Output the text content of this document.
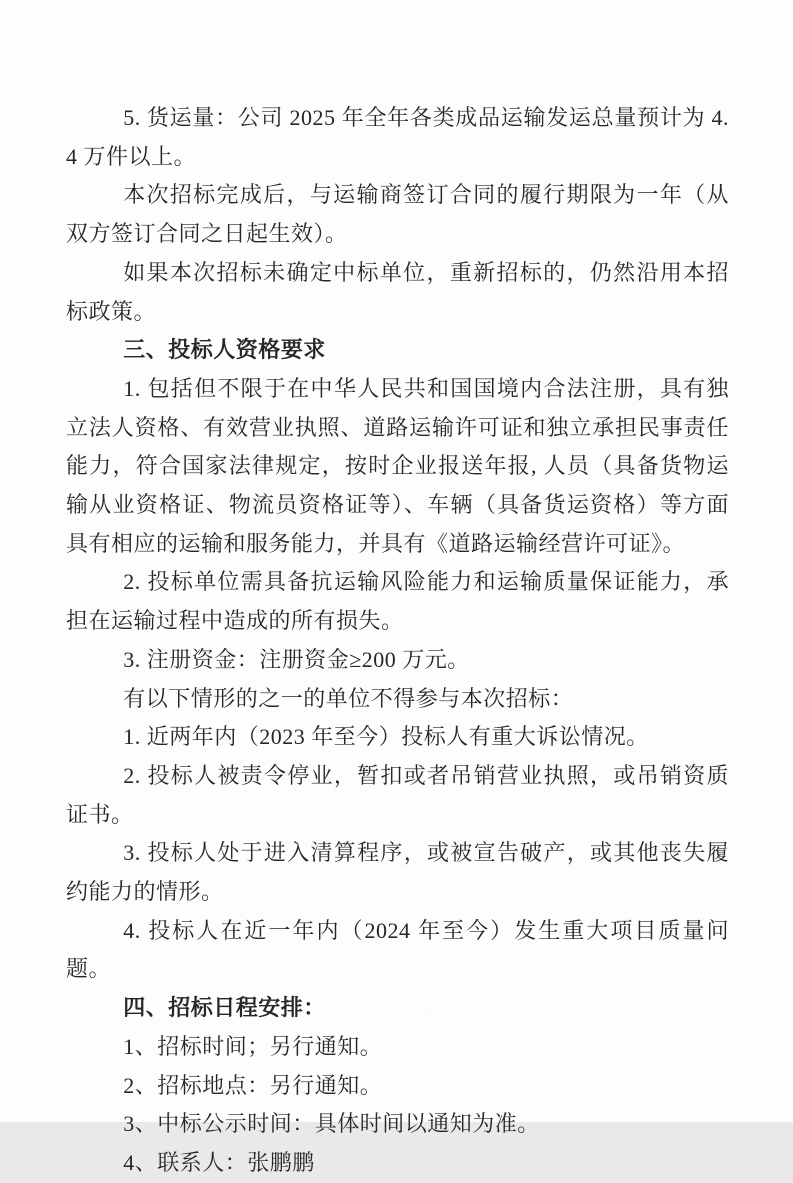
5. 货运量：公司 2025 年全年各类成品运输发运总量预计为 4.4 万件以上。

本次招标完成后，与运输商签订合同的履行期限为一年（从双方签订合同之日起生效）。

如果本次招标未确定中标单位，重新招标的，仍然沿用本招标政策。

三、投标人资格要求

1. 包括但不限于在中华人民共和国国境内合法注册，具有独立法人资格、有效营业执照、道路运输许可证和独立承担民事责任能力，符合国家法律规定，按时企业报送年报, 人员（具备货物运输从业资格证、物流员资格证等）、车辆（具备货运资格）等方面具有相应的运输和服务能力，并具有《道路运输经营许可证》。

2. 投标单位需具备抗运输风险能力和运输质量保证能力，承担在运输过程中造成的所有损失。

3. 注册资金：注册资金≥200 万元。

有以下情形的之一的单位不得参与本次招标：

1. 近两年内（2023 年至今）投标人有重大诉讼情况。

2. 投标人被责令停业，暂扣或者吊销营业执照，或吊销资质证书。

3. 投标人处于进入清算程序，或被宣告破产，或其他丧失履约能力的情形。

4. 投标人在近一年内（2024 年至今）发生重大项目质量问题。

四、招标日程安排：

1、招标时间；另行通知。

2、招标地点：另行通知。

3、中标公示时间：具体时间以通知为准。

4、联系人：张鹏鹏
